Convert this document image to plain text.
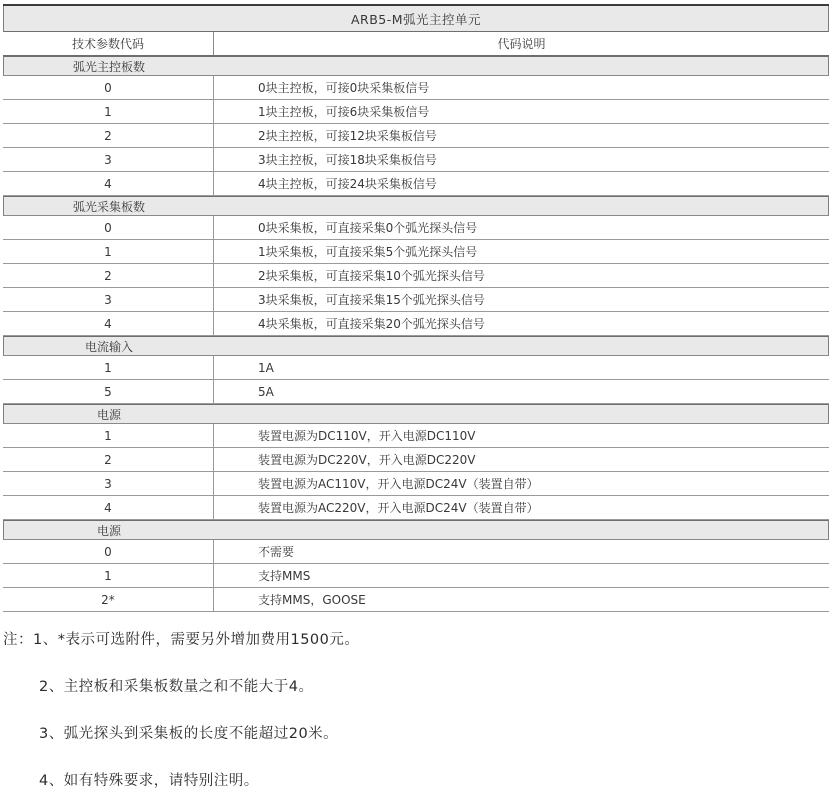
ARB5-M弧光主控单元
技术参数代码	代码说明
弧光主控板数
0	0块主控板，可接0块采集板信号
1	1块主控板，可接6块采集板信号
2	2块主控板，可接12块采集板信号
3	3块主控板，可接18块采集板信号
4	4块主控板，可接24块采集板信号
弧光采集板数
0	0块采集板，可直接采集0个弧光探头信号
1	1块采集板，可直接采集5个弧光探头信号
2	2块采集板，可直接采集10个弧光探头信号
3	3块采集板，可直接采集15个弧光探头信号
4	4块采集板，可直接采集20个弧光探头信号
电流输入
1	1A
5	5A
电源
1	装置电源为DC110V，开入电源DC110V
2	装置电源为DC220V，开入电源DC220V
3	装置电源为AC110V，开入电源DC24V（装置自带）
4	装置电源为AC220V，开入电源DC24V（装置自带）
电源
0	不需要
1	支持MMS
2*	支持MMS，GOOSE
注： 1、*表示可选附件，需要另外增加费用1500元。
2、主控板和采集板数量之和不能大于4。
3、弧光探头到采集板的长度不能超过20米。
4、如有特殊要求，请特别注明。
